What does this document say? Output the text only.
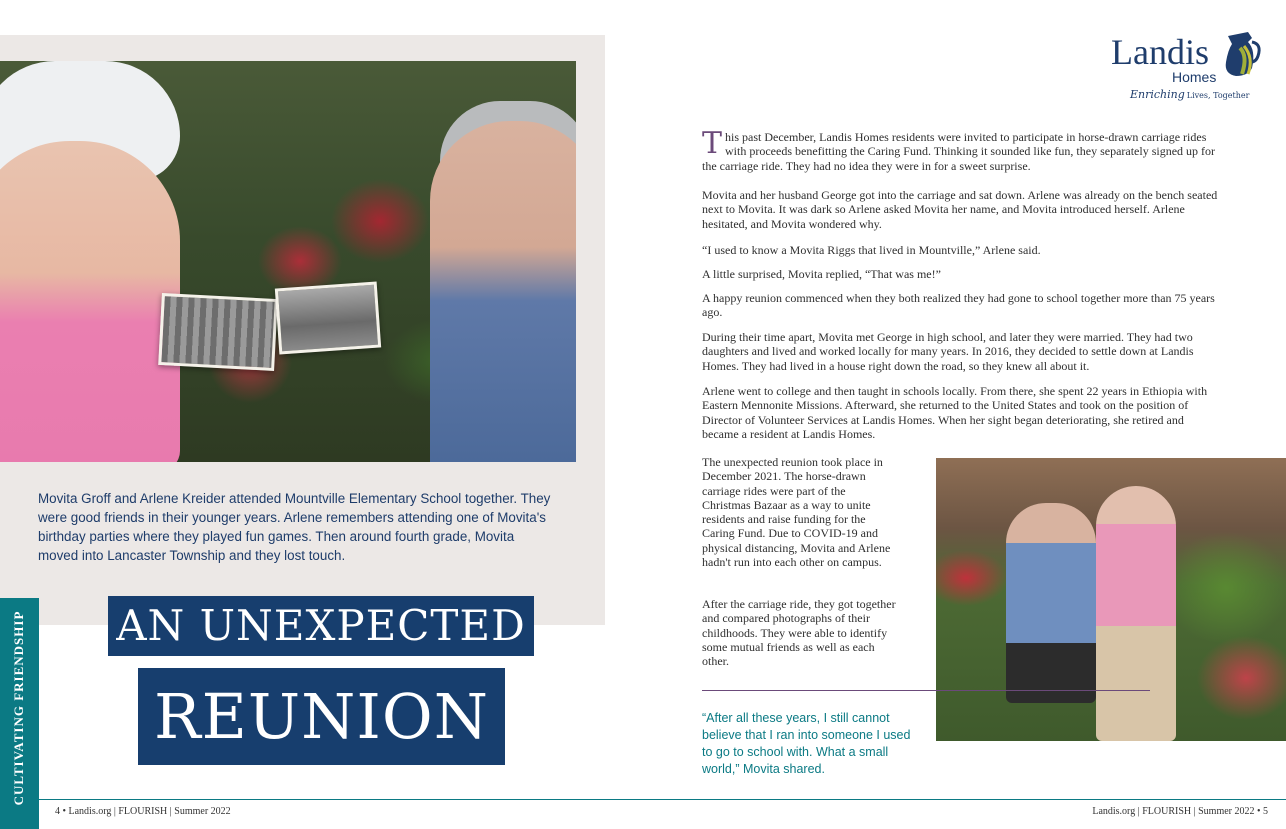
Movita Groff and Arlene Kreider attended Mountville Elementary School together. They were good friends in their younger years. Arlene remembers attending one of Movita's birthday parties where they played fun games. Then around fourth grade, Movita moved into Lancaster Township and they lost touch.

AN UNEXPECTED
REUNION
CULTIVATING FRIENDSHIP
4 • Landis.org | FLOURISH | Summer 2022	Landis.org | FLOURISH | Summer 2022 • 5
Landis
Homes
Enriching Lives, Together

This past December, Landis Homes residents were invited to participate in horse-drawn carriage rides with proceeds benefitting the Caring Fund. Thinking it sounded like fun, they separately signed up for the carriage ride. They had no idea they were in for a sweet surprise.

Movita and her husband George got into the carriage and sat down. Arlene was already on the bench seated next to Movita. It was dark so Arlene asked Movita her name, and Movita introduced herself. Arlene hesitated, and Movita wondered why.

“I used to know a Movita Riggs that lived in Mountville,” Arlene said.

A little surprised, Movita replied, “That was me!”

A happy reunion commenced when they both realized they had gone to school together more than 75 years ago.

During their time apart, Movita met George in high school, and later they were married. They had two daughters and lived and worked locally for many years. In 2016, they decided to settle down at Landis Homes. They had lived in a house right down the road, so they knew all about it.

Arlene went to college and then taught in schools locally. From there, she spent 22 years in Ethiopia with Eastern Mennonite Missions. Afterward, she returned to the United States and took on the position of Director of Volunteer Services at Landis Homes. When her sight began deteriorating, she retired and became a resident at Landis Homes.

The unexpected reunion took place in December 2021. The horse-drawn carriage rides were part of the Christmas Bazaar as a way to unite residents and raise funding for the Caring Fund. Due to COVID-19 and physical distancing, Movita and Arlene hadn't run into each other on campus.

After the carriage ride, they got together and compared photographs of their childhoods. They were able to identify some mutual friends as well as each other.

“After all these years, I still cannot believe that I ran into someone I used to go to school with. What a small world,” Movita shared.
